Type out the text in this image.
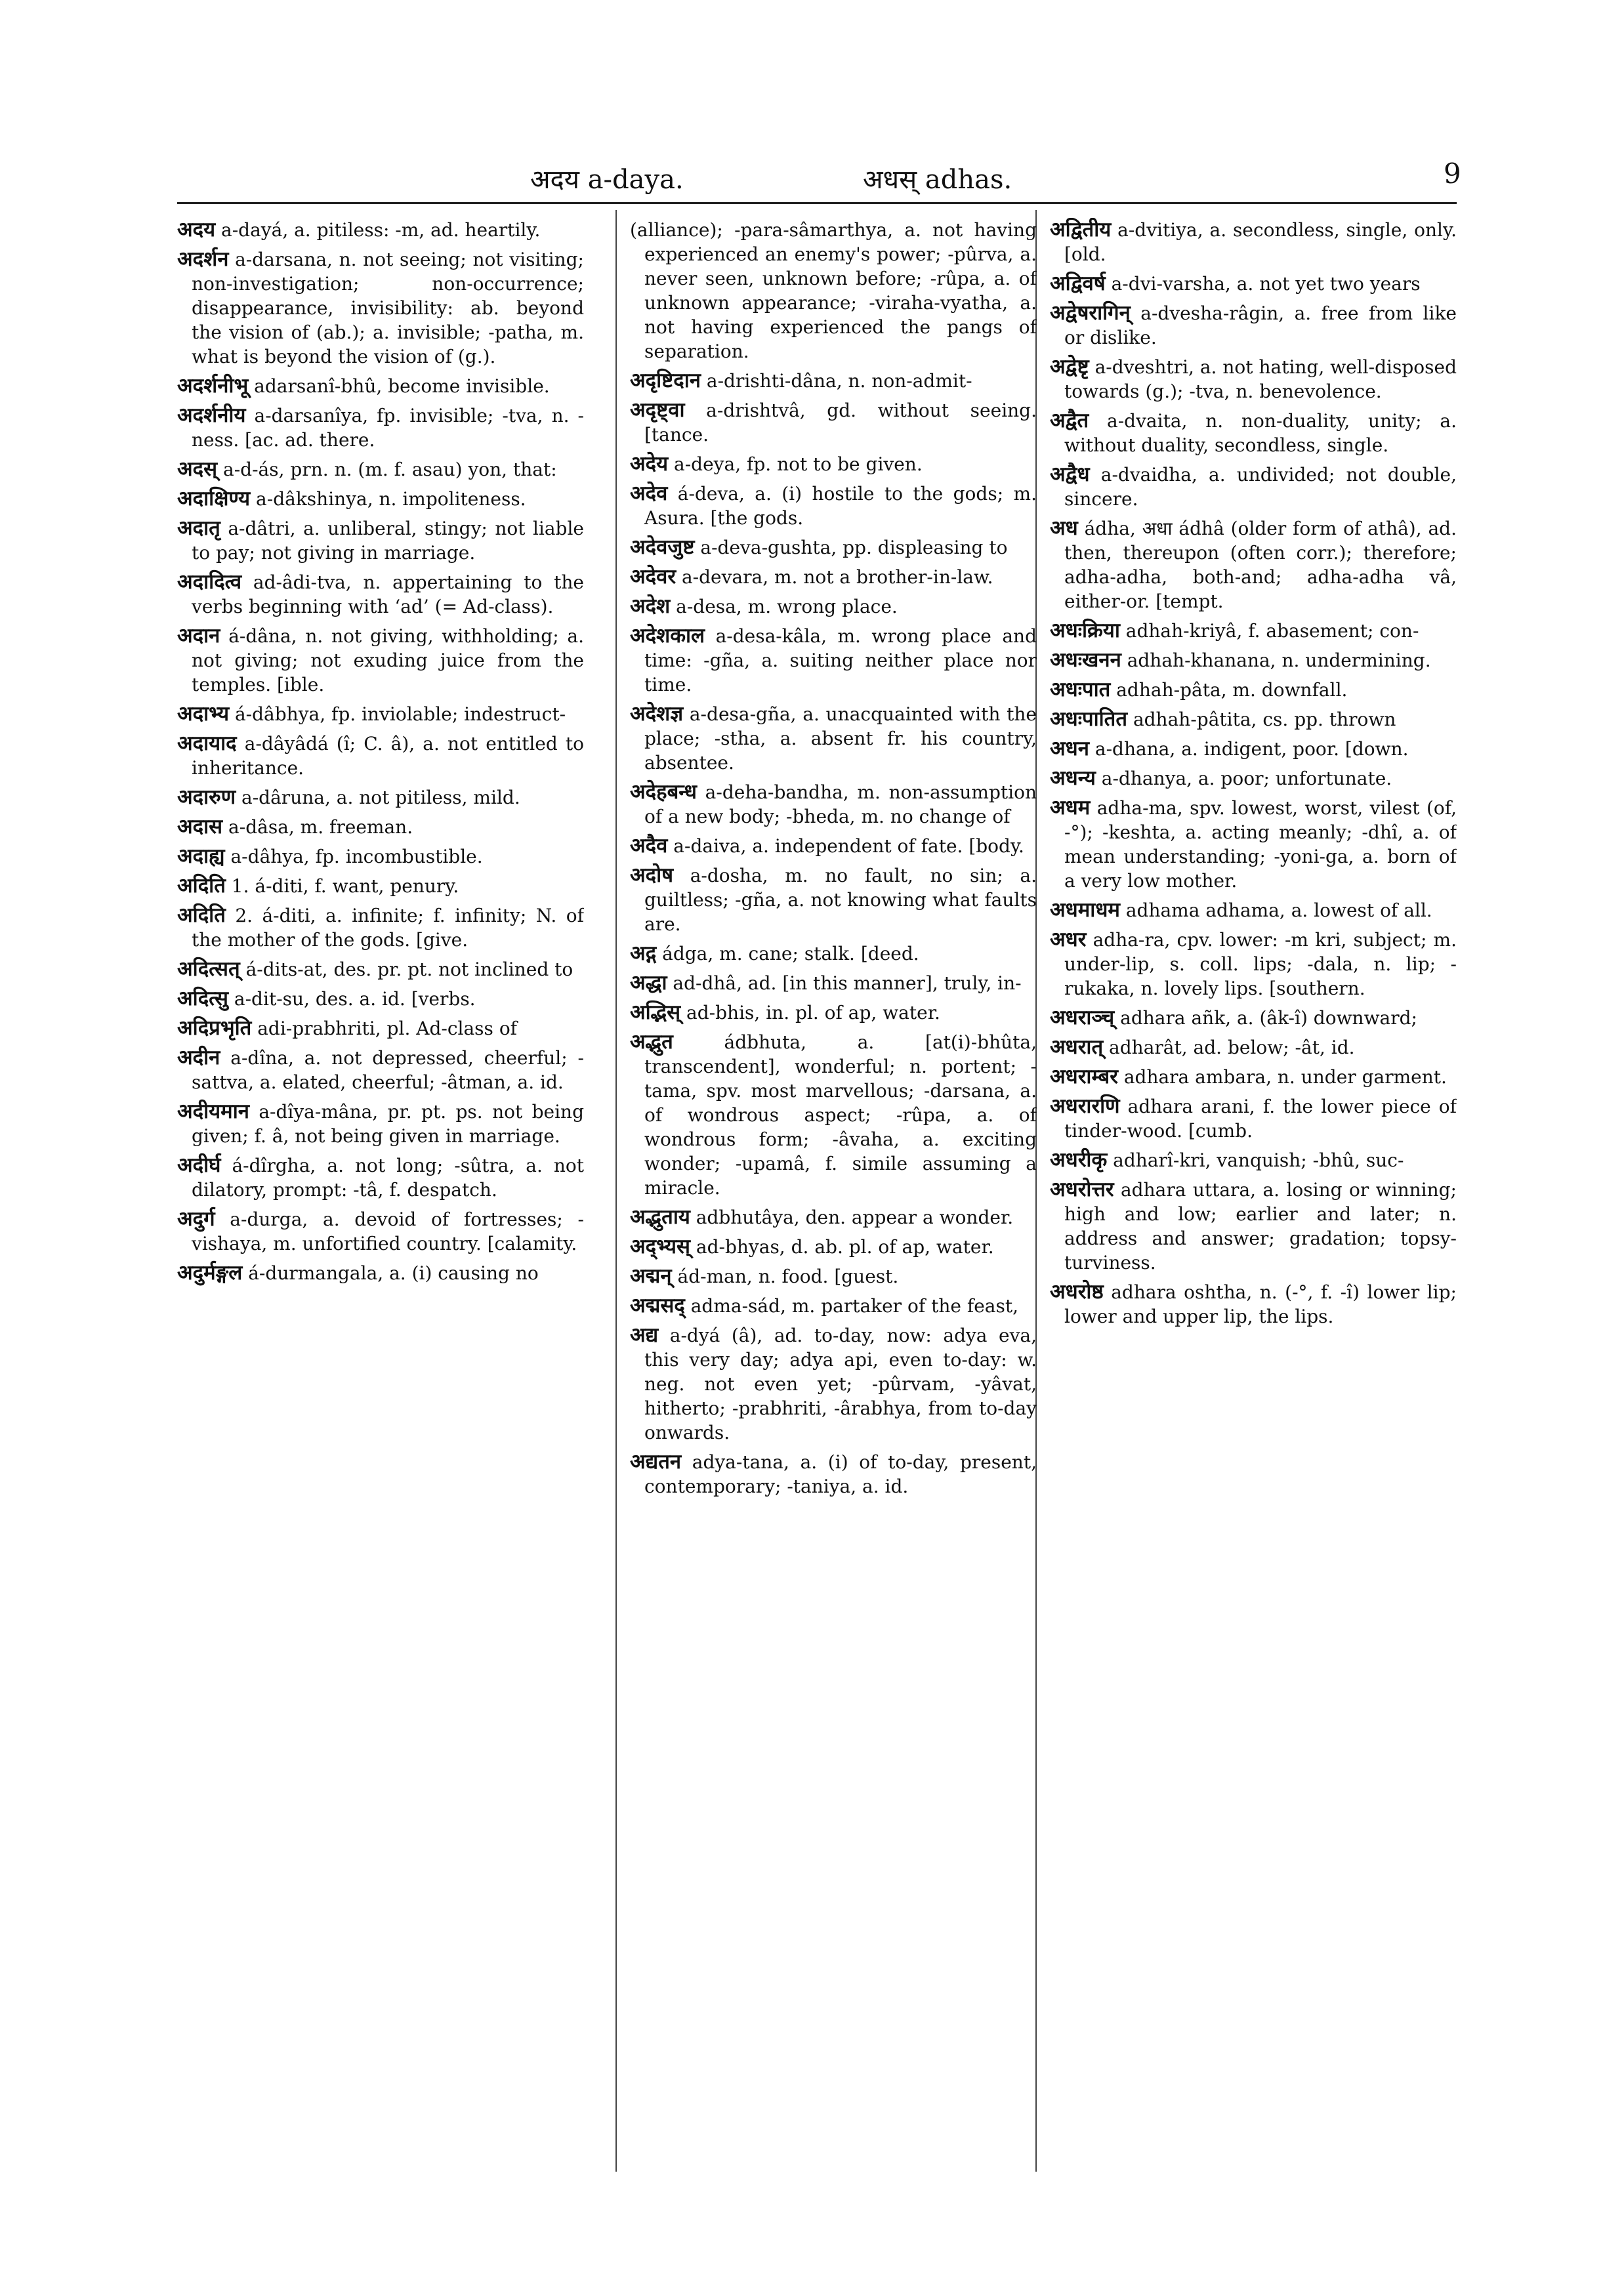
अदय a-daya.	अधस् adhas.	9

अदय a-dayá, a. pitiless: -m, ad. heartily.

अदर्शन a-darsana, n. not seeing; not visiting; non-investigation; non-occurrence; disappearance, invisibility: ab. beyond the vision of (ab.); a. invisible; -patha, m. what is beyond the vision of (g.).

अदर्शनीभू adarsanî-bhû, become invisible.

अदर्शनीय a-darsanîya, fp. invisible; -tva, n. -ness. [ac. ad. there.

अदस् a-d-ás, prn. n. (m. f. asau) yon, that:

अदाक्षिण्य a-dâkshinya, n. impoliteness.

अदातृ a-dâtri, a. unliberal, stingy; not liable to pay; not giving in marriage.

अदादित्व ad-âdi-tva, n. appertaining to the verbs beginning with ‘ad’ (= Ad-class).

अदान á-dâna, n. not giving, withholding; a. not giving; not exuding juice from the temples. [ible.

अदाभ्य á-dâbhya, fp. inviolable; indestruct-

अदायाद a-dâyâdá (î; C. â), a. not entitled to inheritance.

अदारुण a-dâruna, a. not pitiless, mild.

अदास a-dâsa, m. freeman.

अदाह्य a-dâhya, fp. incombustible.

अदिति 1. á-diti, f. want, penury.

अदिति 2. á-diti, a. infinite; f. infinity; N. of the mother of the gods. [give.

अदित्सत् á-dits-at, des. pr. pt. not inclined to

अदित्सु a-dit-su, des. a. id. [verbs.

अदिप्रभृति adi-prabhriti, pl. Ad-class of

अदीन a-dîna, a. not depressed, cheerful; -sattva, a. elated, cheerful; -âtman, a. id.

अदीयमान a-dîya-mâna, pr. pt. ps. not being given; f. â, not being given in marriage.

अदीर्घ á-dîrgha, a. not long; -sûtra, a. not dilatory, prompt: -tâ, f. despatch.

अदुर्ग a-durga, a. devoid of fortresses; -vishaya, m. unfortified country. [calamity.

अदुर्मङ्गल á-durmangala, a. (i) causing no

(alliance); -para-sâmarthya, a. not having experienced an enemy's power; -pûrva, a. never seen, unknown before; -rûpa, a. of unknown appearance; -viraha-vyatha, a. not having experienced the pangs of separation.

अदृष्टिदान a-drishti-dâna, n. non-admit-

अदृष्ट्वा a-drishtvâ, gd. without seeing. [tance.

अदेय a-deya, fp. not to be given.

अदेव á-deva, a. (i) hostile to the gods; m. Asura. [the gods.

अदेवजुष्ट a-deva-gushta, pp. displeasing to

अदेवर a-devara, m. not a brother-in-law.

अदेश a-desa, m. wrong place.

अदेशकाल a-desa-kâla, m. wrong place and time: -gña, a. suiting neither place nor time.

अदेशज्ञ a-desa-gña, a. unacquainted with the place; -stha, a. absent fr. his country, absentee.

अदेहबन्ध a-deha-bandha, m. non-assumption of a new body; -bheda, m. no change of

अदैव a-daiva, a. independent of fate. [body.

अदोष a-dosha, m. no fault, no sin; a. guiltless; -gña, a. not knowing what faults are.

अद्ग ádga, m. cane; stalk. [deed.

अद्धा ad-dhâ, ad. [in this manner], truly, in-

अद्भिस् ad-bhis, in. pl. of ap, water.

अद्भुत	ádbhuta, a. [at(i)-bhûta, transcendent], wonderful; n. portent; -tama, spv. most marvellous; -darsana, a. of wondrous aspect; -rûpa, a. of wondrous form; -âvaha, a. exciting wonder; -upamâ, f. simile assuming a miracle.

अद्भुताय adbhutâya, den. appear a wonder.

अद्भ्यस् ad-bhyas, d. ab. pl. of ap, water.

अद्मन् ád-man, n. food. [guest.

अद्मसद् adma-sád, m. partaker of the feast,

अद्य a-dyá (â), ad. to-day, now: adya eva, this very day; adya api, even to-day: w. neg. not even yet; -pûrvam, -yâvat, hitherto; -prabhriti, -ârabhya, from to-day onwards.

अद्यतन adya-tana, a. (i) of to-day, present, contemporary; -taniya, a. id.

अद्वितीय a-dvitiya, a. secondless, single, only. [old.

अद्विवर्ष a-dvi-varsha, a. not yet two years

अद्वेषरागिन् a-dvesha-râgin, a. free from like or dislike.

अद्वेष्टृ a-dveshtri, a. not hating, well-disposed towards (g.); -tva, n. benevolence.

अद्वैत a-dvaita, n. non-duality, unity; a. without duality, secondless, single.

अद्वैध a-dvaidha, a. undivided; not double, sincere.

अध ádha, अधा ádhâ (older form of athâ), ad. then, thereupon (often corr.); therefore; adha-adha, both-and; adha-adha vâ, either-or. [tempt.

अधःक्रिया adhah-kriyâ, f. abasement; con-

अधःखनन adhah-khanana, n. undermining.

अधःपात adhah-pâta, m. downfall.

अधःपातित adhah-pâtita, cs. pp. thrown

अधन a-dhana, a. indigent, poor. [down.

अधन्य a-dhanya, a. poor; unfortunate.

अधम adha-ma, spv. lowest, worst, vilest (of, -°); -keshta, a. acting meanly; -dhî, a. of mean understanding; -yoni-ga, a. born of a very low mother.

अधमाधम adhama adhama, a. lowest of all.

अधर adha-ra, cpv. lower: -m kri, subject; m. under-lip, s. coll. lips; -dala, n. lip; -rukaka, n. lovely lips. [southern.

अधराञ्च् adhara añk, a. (âk-î) downward;

अधरात् adharât, ad. below; -ât, id.

अधराम्बर adhara ambara, n. under garment.

अधरारणि adhara arani, f. the lower piece of tinder-wood. [cumb.

अधरीकृ adharî-kri, vanquish; -bhû, suc-

अधरोत्तर adhara uttara, a. losing or winning; high and low; earlier and later; n. address and answer; gradation; topsy-turviness.

अधरोष्ठ adhara oshtha, n. (-°, f. -î) lower lip; lower and upper lip, the lips.
